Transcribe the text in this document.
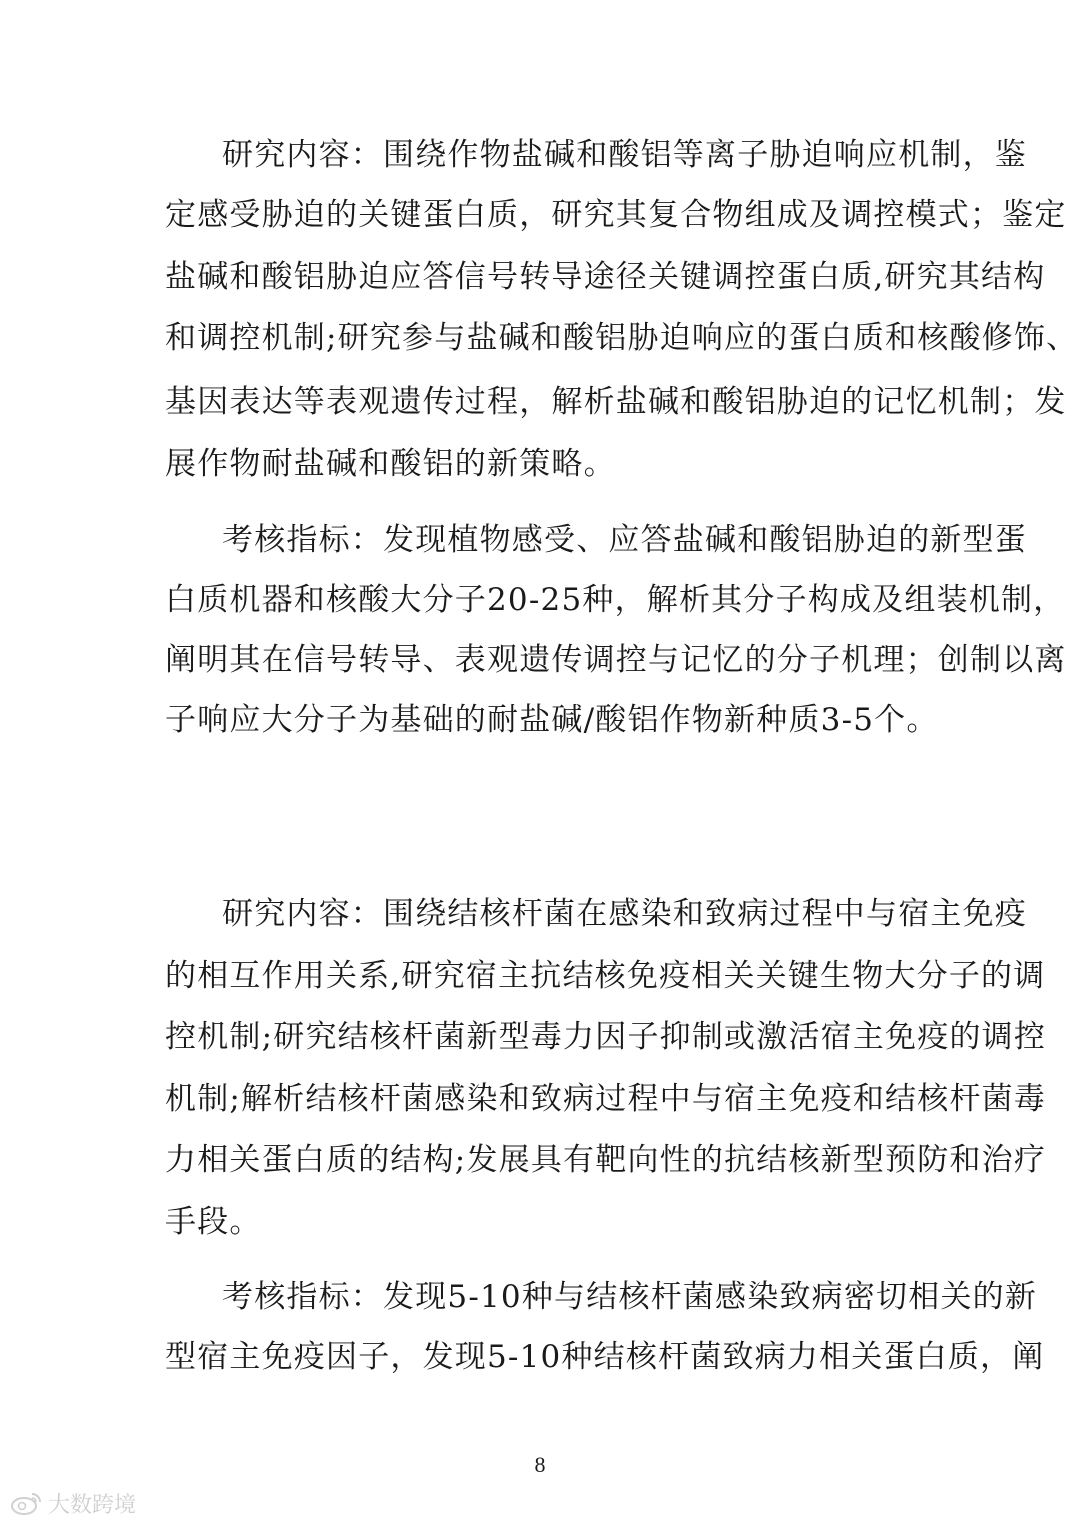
研究内容：围绕作物盐碱和酸铝等离子胁迫响应机制，鉴
定感受胁迫的关键蛋白质，研究其复合物组成及调控模式；鉴定
盐碱和酸铝胁迫应答信号转导途径关键调控蛋白质,研究其结构
和调控机制;研究参与盐碱和酸铝胁迫响应的蛋白质和核酸修饰、
基因表达等表观遗传过程，解析盐碱和酸铝胁迫的记忆机制；发
展作物耐盐碱和酸铝的新策略。
考核指标：发现植物感受、应答盐碱和酸铝胁迫的新型蛋
白质机器和核酸大分子20-25种，解析其分子构成及组装机制，
阐明其在信号转导、表观遗传调控与记忆的分子机理；创制以离
子响应大分子为基础的耐盐碱/酸铝作物新种质3-5个。
研究内容：围绕结核杆菌在感染和致病过程中与宿主免疫
的相互作用关系,研究宿主抗结核免疫相关关键生物大分子的调
控机制;研究结核杆菌新型毒力因子抑制或激活宿主免疫的调控
机制;解析结核杆菌感染和致病过程中与宿主免疫和结核杆菌毒
力相关蛋白质的结构;发展具有靶向性的抗结核新型预防和治疗
手段。
考核指标：发现5-10种与结核杆菌感染致病密切相关的新
型宿主免疫因子，发现5-10种结核杆菌致病力相关蛋白质，阐
8
大数跨境
